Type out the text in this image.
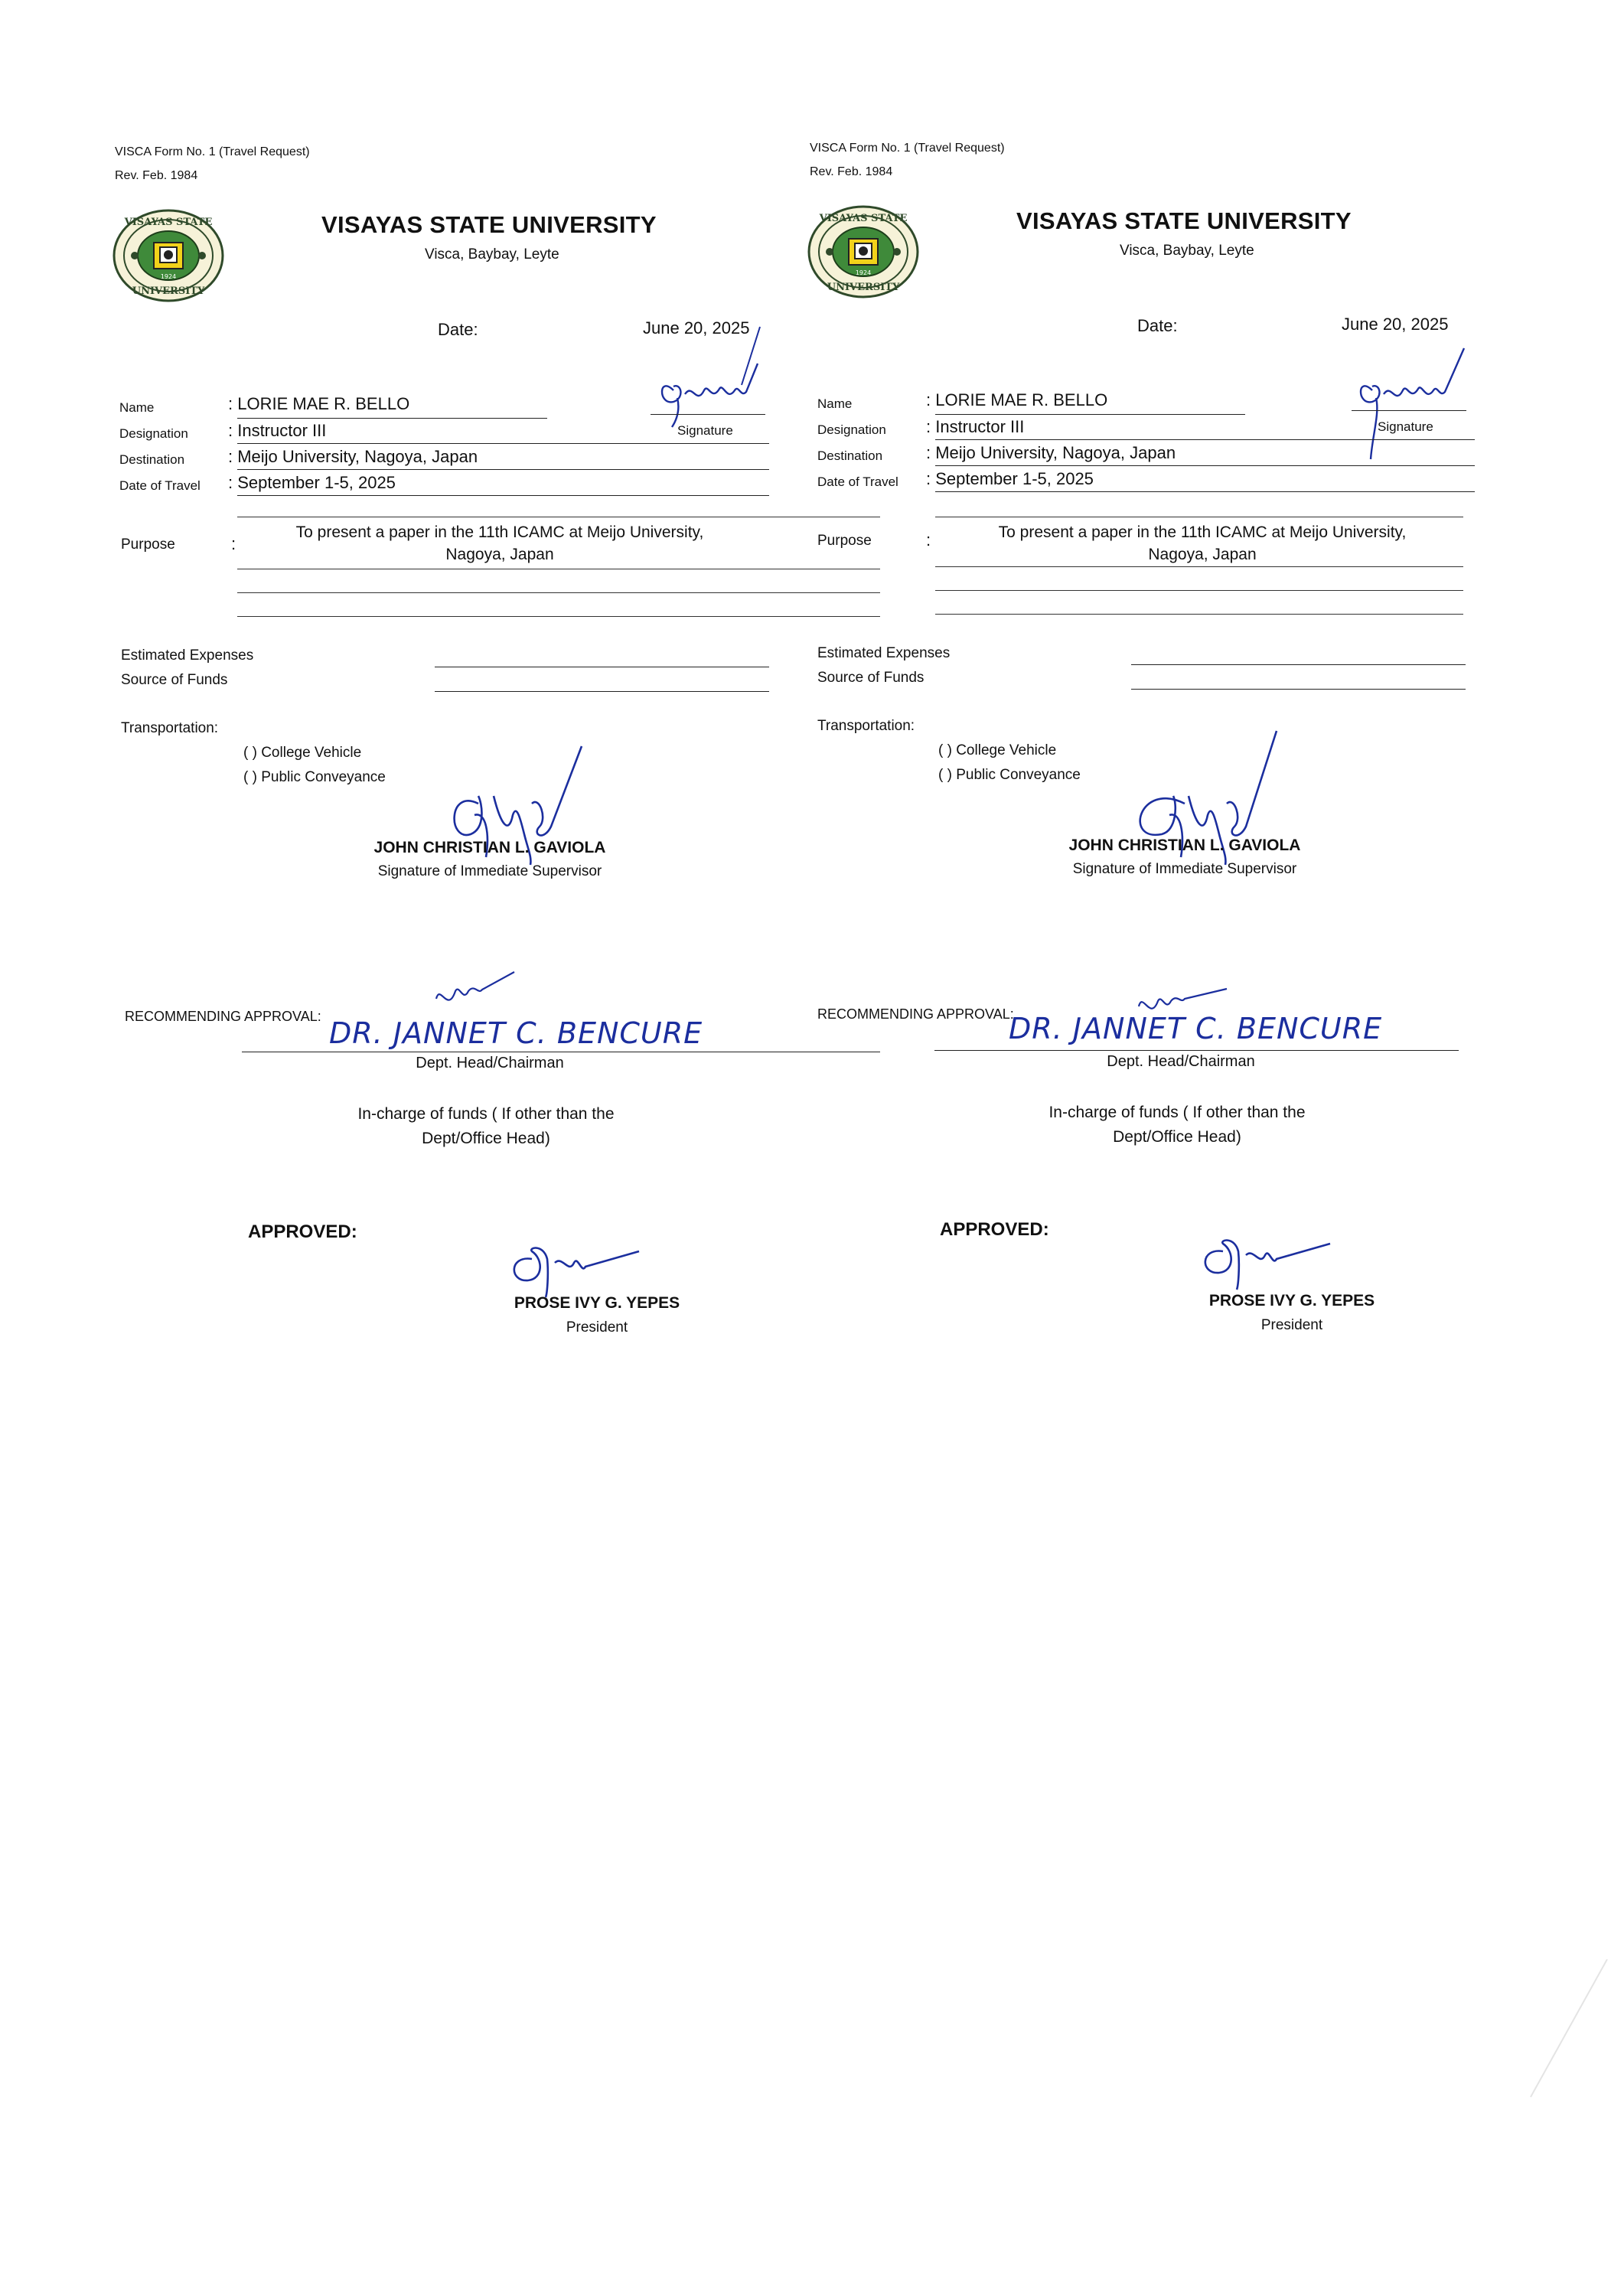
VISCA Form No. 1 (Travel Request)
Rev. Feb. 1984
VISAYAS STATE
UNIVERSITY
1924
VISAYAS STATE UNIVERSITY
Visca, Baybay, Leyte
Date:	June 20, 2025
Name	: LORIE MAE R. BELLO
Signature
Designation : Instructor III
Destination	: Meijo University, Nagoya, Japan
Date of Travel : September 1-5, 2025
Purpose	:
To present a paper in the 11th ICAMC at Meijo University,
Nagoya, Japan
Estimated Expenses
Source of Funds
Transportation:
( ) College Vehicle
( ) Public Conveyance
JOHN CHRISTIAN L. GAVIOLA
Signature of Immediate Supervisor
RECOMMENDING APPROVAL: DR. JANNET C. BENCURE
Dept. Head/Chairman
In-charge of funds ( If other than the
Dept/Office Head)
APPROVED:
PROSE IVY G. YEPES
President
VISCA Form No. 1 (Travel Request)
Rev. Feb. 1984
VISAYAS STATE
UNIVERSITY
1924
VISAYAS STATE UNIVERSITY
Visca, Baybay, Leyte
Date:	June 20, 2025
Name	: LORIE MAE R. BELLO
Signature
Designation : Instructor III
Destination	: Meijo University, Nagoya, Japan
Date of Travel : September 1-5, 2025
Purpose	:	To present a paper in the 11th ICAMC at Meijo University,
Nagoya, Japan
Estimated Expenses
Source of Funds
Transportation:
( ) College Vehicle
( ) Public Conveyance
JOHN CHRISTIAN L. GAVIOLA
Signature of Immediate Supervisor
RECOMMENDING APPROVAL:
DR. JANNET C. BENCURE
Dept. Head/Chairman
In-charge of funds ( If other than the
Dept/Office Head)
APPROVED:
PROSE IVY G. YEPES
President
